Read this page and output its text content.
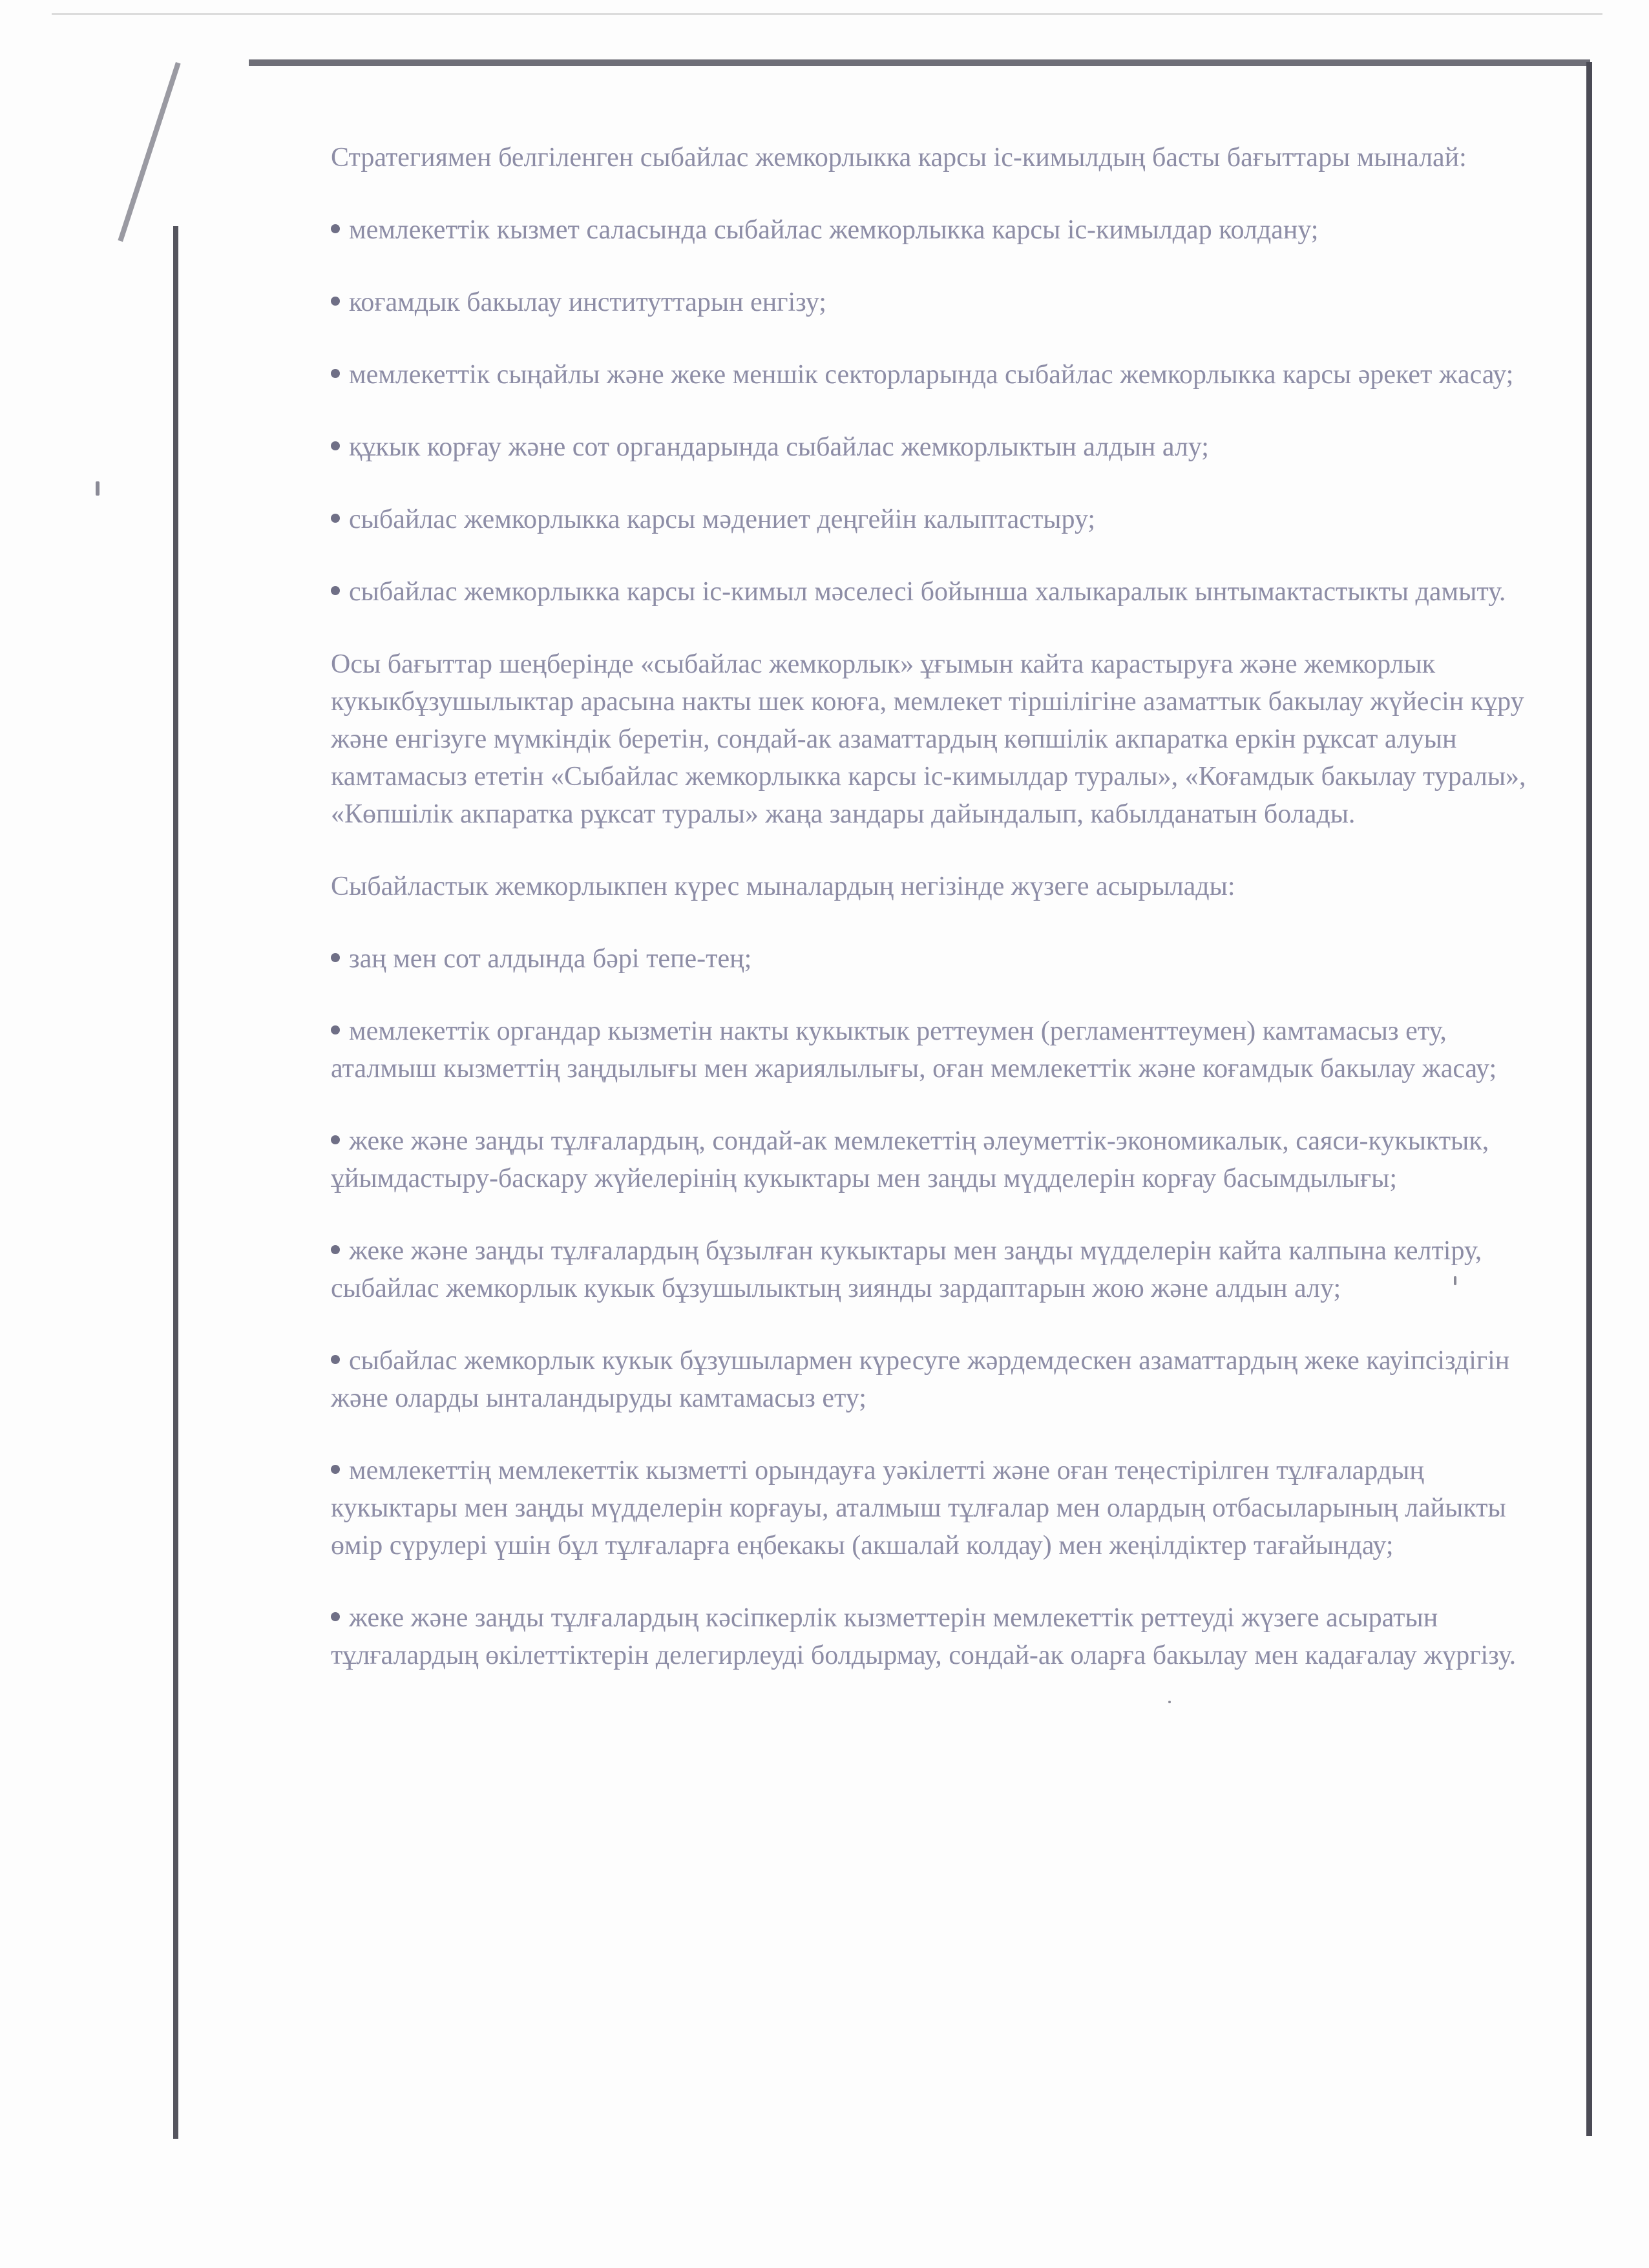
Стратегиямен белгіленген сыбайлас жемкорлыкка карсы іс-кимылдың басты бағыттары мыналай:

мемлекеттік кызмет саласында сыбайлас жемкорлыкка карсы іс-кимылдар колдану;

коғамдык бакылау институттарын енгізу;

мемлекеттік сыңайлы және жеке меншік секторларында сыбайлас жемкорлыкка карсы әрекет жасау;

құкык корғау және сот органдарында сыбайлас жемкорлыктын алдын алу;

сыбайлас жемкорлыкка карсы мәдениет деңгейін калыптастыру;

сыбайлас жемкорлыкка карсы іс-кимыл мәселесі бойынша халыкаралык ынтымактастыкты дамыту.

Осы бағыттар шеңберінде «сыбайлас жемкорлык» ұғымын кайта карастыруға және жемкорлык кукыкбұзушылыктар арасына накты шек коюға, мемлекет тіршілігіне азаматтык бакылау жүйесін кұру және енгізуге мүмкіндік беретін, сондай-ак азаматтардың көпшілік акпаратка еркін рұксат алуын камтамасыз ететін «Сыбайлас жемкорлыкка карсы іс-кимылдар туралы», «Коғамдык бакылау туралы», «Көпшілік акпаратка рұксат туралы» жаңа зандары дайындалып, кабылданатын болады.

Сыбайластык жемкорлыкпен күрес мыналардың негізінде жүзеге асырылады:

заң мен сот алдында бәрі тепе-тең;

мемлекеттік органдар кызметін накты кукыктык реттеумен (регламенттеумен) камтамасыз ету, аталмыш кызметтің заңдылығы мен жариялылығы, оған мемлекеттік және коғамдык бакылау жасау;

жеке және заңды тұлғалардың, сондай-ак мемлекеттің әлеуметтік-экономикалык, саяси-кукыктык, ұйымдастыру-баскару жүйелерінің кукыктары мен заңды мүдделерін корғау басымдылығы;

жеке және заңды тұлғалардың бұзылған кукыктары мен заңды мүдделерін кайта калпына келтіру, сыбайлас жемкорлык кукык бұзушылыктың зиянды зардаптарын жою және алдын алу;

сыбайлас жемкорлык кукык бұзушылармен күресуге жәрдемдескен азаматтардың жеке кауіпсіздігін және оларды ынталандыруды камтамасыз ету;

мемлекеттің мемлекеттік кызметті орындауға уәкілетті және оған теңестірілген тұлғалардың кукыктары мен заңды мүдделерін корғауы, аталмыш тұлғалар мен олардың отбасыларының лайыкты өмір сүрулері үшін бұл тұлғаларға еңбекакы (акшалай колдау) мен жеңілдіктер тағайындау;

жеке және заңды тұлғалардың кәсіпкерлік кызметтерін мемлекеттік реттеуді жүзеге асыратын тұлғалардың өкілеттіктерін делегирлеуді болдырмау, сондай-ак оларға бакылау мен кадағалау жүргізу.
